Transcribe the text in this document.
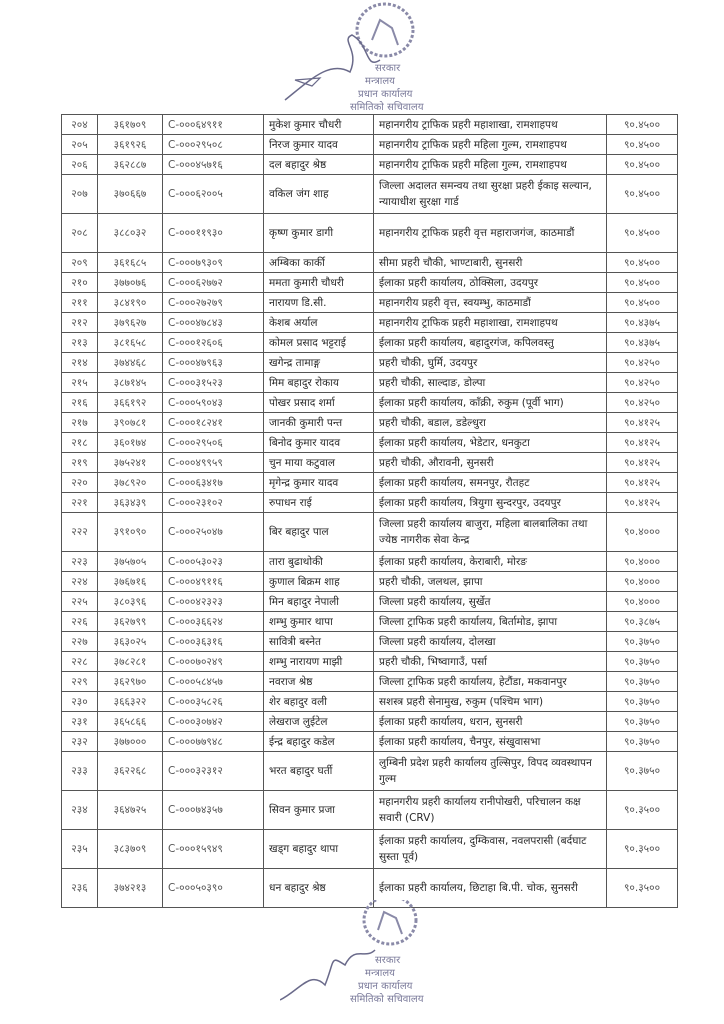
सरकार
मन्त्रालय
प्रधान कार्यालय
समितिको सचिवालय
२०४	३६१७०९	C-०००६४९११	मुकेश कुमार चौधरी	महानगरीय ट्राफिक प्रहरी महाशाखा, रामशाहपथ	९०.४५००
२०५	३६१९२६	C-०००२९५०८	निरज कुमार यादव	महानगरीय ट्राफिक प्रहरी महिला गुल्म, रामशाहपथ	९०.४५००
२०६	३६२८८७	C-०००४५७१६	दल बहादुर श्रेष्ठ	महानगरीय ट्राफिक प्रहरी महिला गुल्म, रामशाहपथ	९०.४५००
२०७	३७०६६७	C-०००६२००५	वकिल जंग शाह	जिल्ला अदालत समन्वय तथा सुरक्षा प्रहरी ईकाइ सल्यान, न्यायाधीश सुरक्षा गार्ड	९०.४५००
२०८	३८८०३२	C-०००११९३०	कृष्ण कुमार डागी	महानगरीय ट्राफिक प्रहरी वृत्त महाराजगंज, काठमाडौं	९०.४५००
२०९	३६१६८५	C-०००७९३०९	अम्बिका कार्की	सीमा प्रहरी चौकी, भाण्टाबारी, सुनसरी	९०.४५००
२१०	३७७०७६	C-०००६२७७२	ममता कुमारी चौधरी	ईलाका प्रहरी कार्यालय, ठोक्सिला, उदयपुर	९०.४५००
२११	३८४१९०	C-०००२७२७९	नारायण डि.सी.	महानगरीय प्रहरी वृत्त, स्वयम्भु, काठमाडौं	९०.४५००
२१२	३७९६२७	C-०००४७८४३	केशब अर्याल	महानगरीय ट्राफिक प्रहरी महाशाखा, रामशाहपथ	९०.४३७५
२१३	३८१६५८	C-०००१२६०६	कोमल प्रसाद भट्टराई	ईलाका प्रहरी कार्यालय, बहादुरगंज, कपिलवस्तु	९०.४३७५
२१४	३७४४६८	C-०००४७९६३	खगेन्द्र तामाङ्ग	प्रहरी चौकी, घुर्मि, उदयपुर	९०.४२५०
२१५	३८७१४५	C-०००३१५२३	मिम बहादुर रोकाय	प्रहरी चौकी, साल्दाङ, डोल्पा	९०.४२५०
२१६	३६६१९२	C-०००५९०४३	पोखर प्रसाद शर्मा	ईलाका प्रहरी कार्यालय, काँक्री, रुकुम (पूर्वी भाग)	९०.४२५०
२१७	३९०७८१	C-०००१८२४१	जानकी कुमारी पन्त	प्रहरी चौकी, बडाल, डडेल्धुरा	९०.४१२५
२१८	३६०१७४	C-०००२९५०६	बिनोद कुमार यादव	ईलाका प्रहरी कार्यालय, भेडेटार, धनकुटा	९०.४१२५
२१९	३७५२४१	C-०००४९९५९	चुन माया कटुवाल	प्रहरी चौकी, औरावनी, सुनसरी	९०.४१२५
२२०	३७८९२०	C-०००६३४१७	मृगेन्द्र कुमार यादव	ईलाका प्रहरी कार्यालय, समनपुर, रौतहट	९०.४१२५
२२१	३६३४३९	C-०००२३१०२	रुपाधन राई	ईलाका प्रहरी कार्यालय, त्रियुगा सुन्दरपुर, उदयपुर	९०.४१२५
२२२	३९१०९०	C-०००२५०४७	बिर बहादुर पाल	जिल्ला प्रहरी कार्यालय बाजुरा, महिला बालबालिका तथा ज्येष्ठ नागरीक सेवा केन्द्र	९०.४०००
२२३	३७५७०५	C-०००५३०२३	तारा बुढाथोकी	ईलाका प्रहरी कार्यालय, केराबारी, मोरङ	९०.४०००
२२४	३७६७१६	C-०००४९११६	कुणाल बिक्रम शाह	प्रहरी चौकी, जलथल, झापा	९०.४०००
२२५	३८०३९६	C-०००४२३२३	मिन बहादुर नेपाली	जिल्ला प्रहरी कार्यालय, सुर्खेत	९०.४०००
२२६	३६२७९९	C-०००३६६२४	शम्भु कुमार थापा	जिल्ला ट्राफिक प्रहरी कार्यालय, बिर्तामोड, झापा	९०.३८७५
२२७	३६३०२५	C-०००३६३१६	सावित्री बस्नेत	जिल्ला प्रहरी कार्यालय, दोलखा	९०.३७५०
२२८	३७८२८१	C-०००७०२४९	शम्भु नारायण माझी	प्रहरी चौकी, भिष्वागाउँ, पर्सा	९०.३७५०
२२९	३६२९७०	C-०००५८४५७	नवराज श्रेष्ठ	जिल्ला ट्राफिक प्रहरी कार्यालय, हेटौंडा, मकवानपुर	९०.३७५०
२३०	३६६३२२	C-०००३५८२६	शेर बहादुर वली	सशस्त्र प्रहरी सेनामुख, रुकुम (पश्चिम भाग)	९०.३७५०
२३१	३६५८६६	C-०००३०७४२	लेखराज लुईटेल	ईलाका प्रहरी कार्यालय, धरान, सुनसरी	९०.३७५०
२३२	३७७०००	C-०००७७९४८	ईन्द्र बहादुर कडेल	ईलाका प्रहरी कार्यालय, चैनपुर, संखुवासभा	९०.३७५०
२३३	३६२२६८	C-०००३२३१२	भरत बहादुर घर्ती	लुम्बिनी प्रदेश प्रहरी कार्यालय तुल्सिपुर, विपद व्यवस्थापन गुल्म	९०.३७५०
२३४	३६४७२५	C-०००७४३५७	सिवन कुमार प्रजा	महानगरीय प्रहरी कार्यालय रानीपोखरी, परिचालन कक्ष सवारी (CRV)	९०.३५००
२३५	३८३७०९	C-०००१५९४९	खड्ग बहादुर थापा	ईलाका प्रहरी कार्यालय, दुम्किवास, नवलपरासी (बर्दघाट सुस्ता पूर्व)	९०.३५००
२३६	३७४२१३	C-०००५०३९०	धन बहादुर श्रेष्ठ	ईलाका प्रहरी कार्यालय, छिटाहा बि.पी. चोक, सुनसरी	९०.३५००
सरकार
मन्त्रालय
प्रधान कार्यालय
समितिको सचिवालय
